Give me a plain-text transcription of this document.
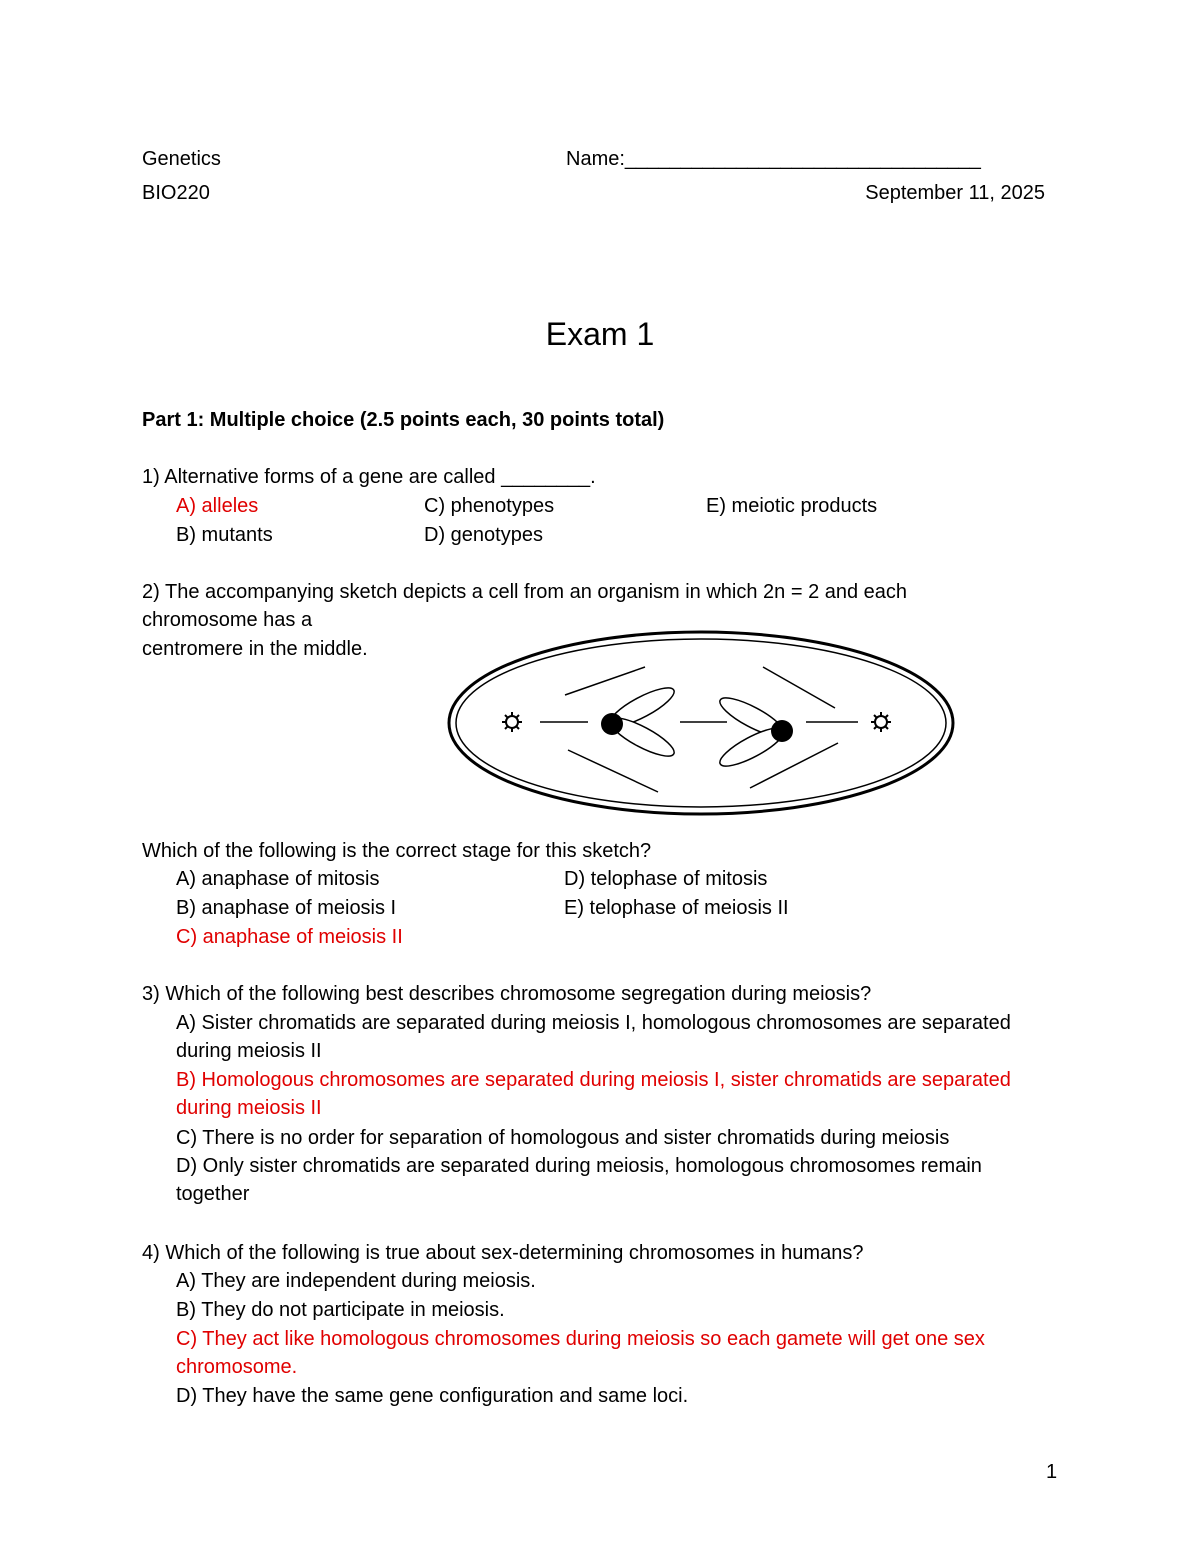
Genetics
BIO220
Name:________________________________
September 11, 2025
Exam 1
Part 1: Multiple choice (2.5 points each, 30 points total)
1) Alternative forms of a gene are called ________.
A) alleles
B) mutants
C) phenotypes
D) genotypes
E) meiotic products
2) The accompanying sketch depicts a cell from an organism in which 2n = 2 and each
chromosome has a
centromere in the middle.
Which of the following is the correct stage for this sketch?
A) anaphase of mitosis
B) anaphase of meiosis I
C) anaphase of meiosis II
D) telophase of mitosis
E) telophase of meiosis II
3) Which of the following best describes chromosome segregation during meiosis?
A) Sister chromatids are separated during meiosis I, homologous chromosomes are separated during meiosis II
B) Homologous chromosomes are separated during meiosis I, sister chromatids are separated during meiosis II
C) There is no order for separation of homologous and sister chromatids during meiosis
D) Only sister chromatids are separated during meiosis, homologous chromosomes remain together
4) Which of the following is true about sex-determining chromosomes in humans?
A) They are independent during meiosis.
B) They do not participate in meiosis.
C) They act like homologous chromosomes during meiosis so each gamete will get one sex chromosome.
D) They have the same gene configuration and same loci.
1
